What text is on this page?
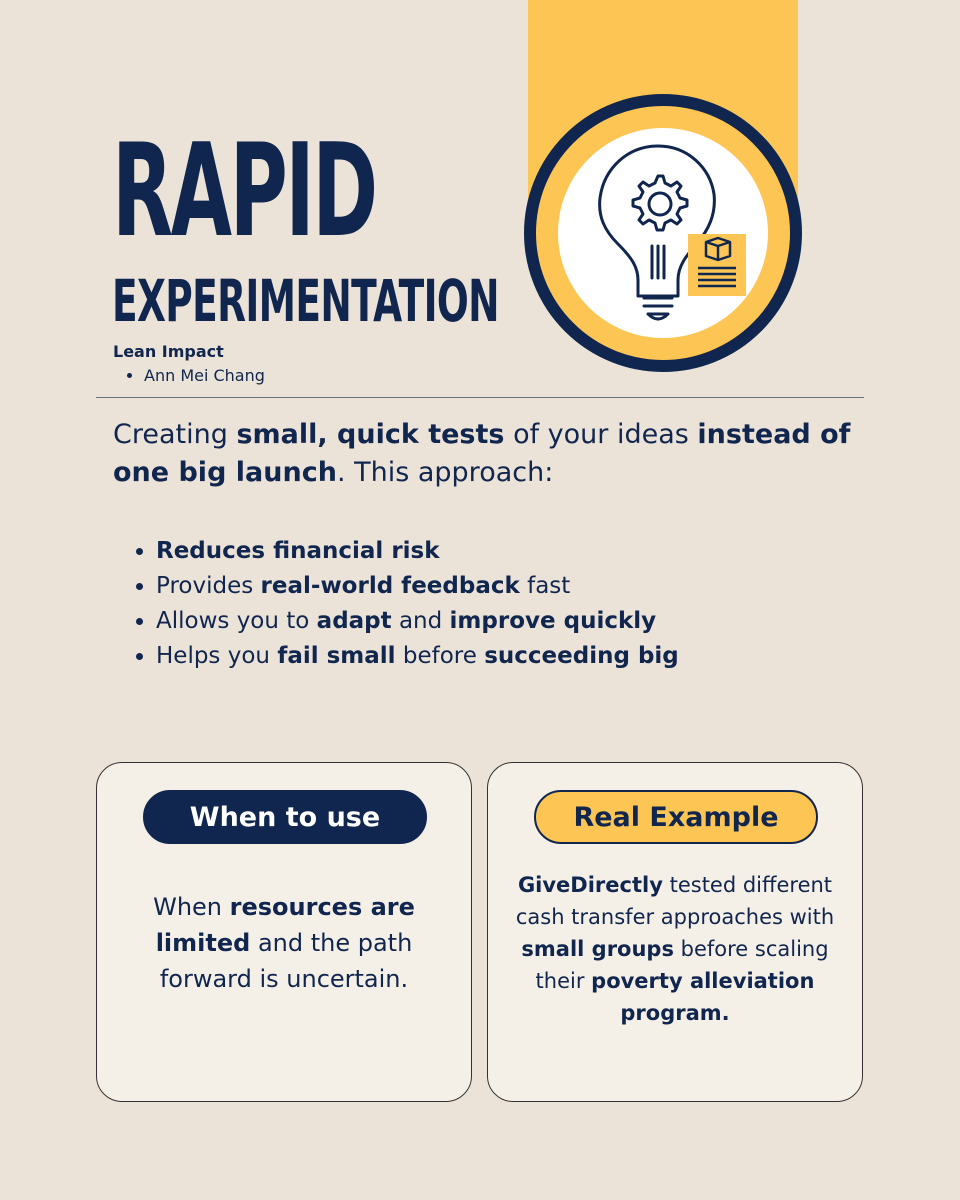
RAPID
EXPERIMENTATION
Lean Impact
• Ann Mei Chang

Creating small, quick tests of your ideas instead of one big launch. This approach:

• Reduces financial risk
• Provides real-world feedback fast
• Allows you to adapt and improve quickly
• Helps you fail small before succeeding big
When to use

When resources are limited and the path forward is uncertain.

Real Example

GiveDirectly tested different cash transfer approaches with small groups before scaling their poverty alleviation program.
